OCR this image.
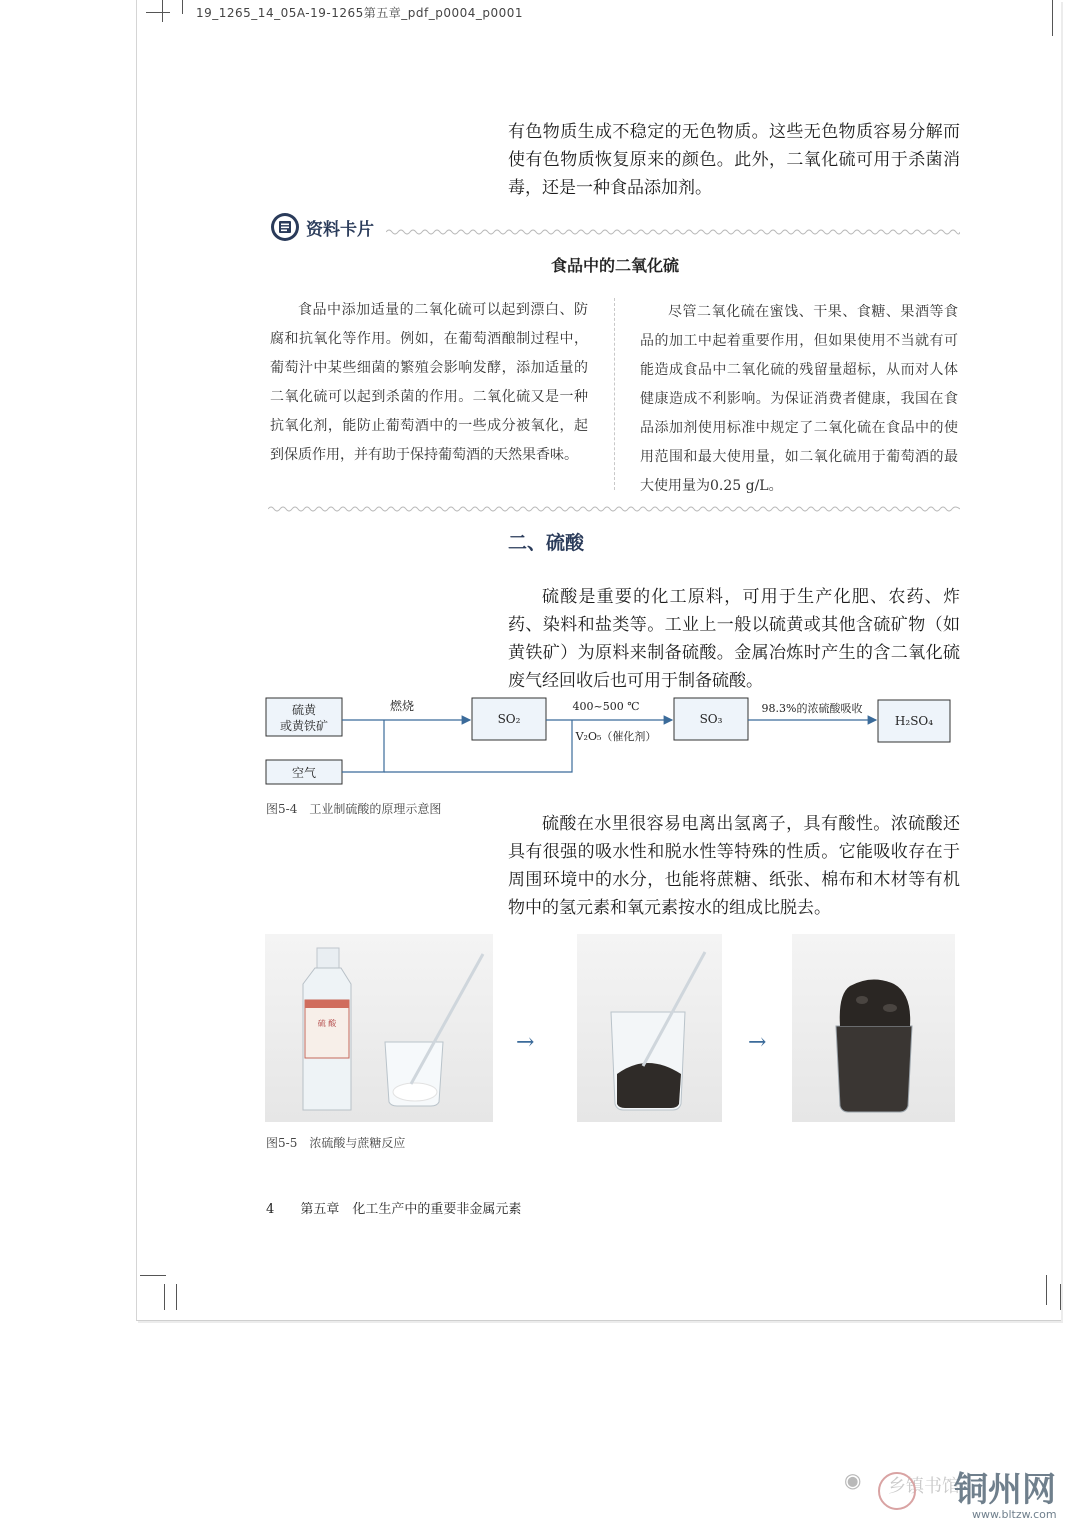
19_1265_14_05A-19-1265第五章_pdf_p0004_p0001
有色物质生成不稳定的无色物质。这些无色物质容易分解而使有色物质恢复原来的颜色。此外，二氧化硫可用于杀菌消毒，还是一种食品添加剂。
资料卡片
食品中的二氧化硫
食品中添加适量的二氧化硫可以起到漂白、防腐和抗氧化等作用。例如，在葡萄酒酿制过程中，葡萄汁中某些细菌的繁殖会影响发酵，添加适量的二氧化硫可以起到杀菌的作用。二氧化硫又是一种抗氧化剂，能防止葡萄酒中的一些成分被氧化，起到保质作用，并有助于保持葡萄酒的天然果香味。
尽管二氧化硫在蜜饯、干果、食糖、果酒等食品的加工中起着重要作用，但如果使用不当就有可能造成食品中二氧化硫的残留量超标，从而对人体健康造成不利影响。为保证消费者健康，我国在食品添加剂使用标准中规定了二氧化硫在食品中的使用范围和最大使用量，如二氧化硫用于葡萄酒的最大使用量为0.25 g/L。
二、硫酸
硫酸是重要的化工原料，可用于生产化肥、农药、炸药、染料和盐类等。工业上一般以硫黄或其他含硫矿物（如黄铁矿）为原料来制备硫酸。金属冶炼时产生的含二氧化硫废气经回收后也可用于制备硫酸。
硫黄
或黄铁矿
空气
燃烧
SO₂
400~500 ℃
V₂O₅（催化剂）
SO₃
98.3%的浓硫酸吸收
H₂SO₄
图5-4　工业制硫酸的原理示意图
硫酸在水里很容易电离出氢离子，具有酸性。浓硫酸还具有很强的吸水性和脱水性等特殊的性质。它能吸收存在于周围环境中的水分，也能将蔗糖、纸张、棉布和木材等有机物中的氢元素和氧元素按水的组成比脱去。
硫 酸
→	→
图5-5　浓硫酸与蔗糖反应
4 第五章　化工生产中的重要非金属元素
◉ 乡镇书馆
铜州网
www.bltzw.com
